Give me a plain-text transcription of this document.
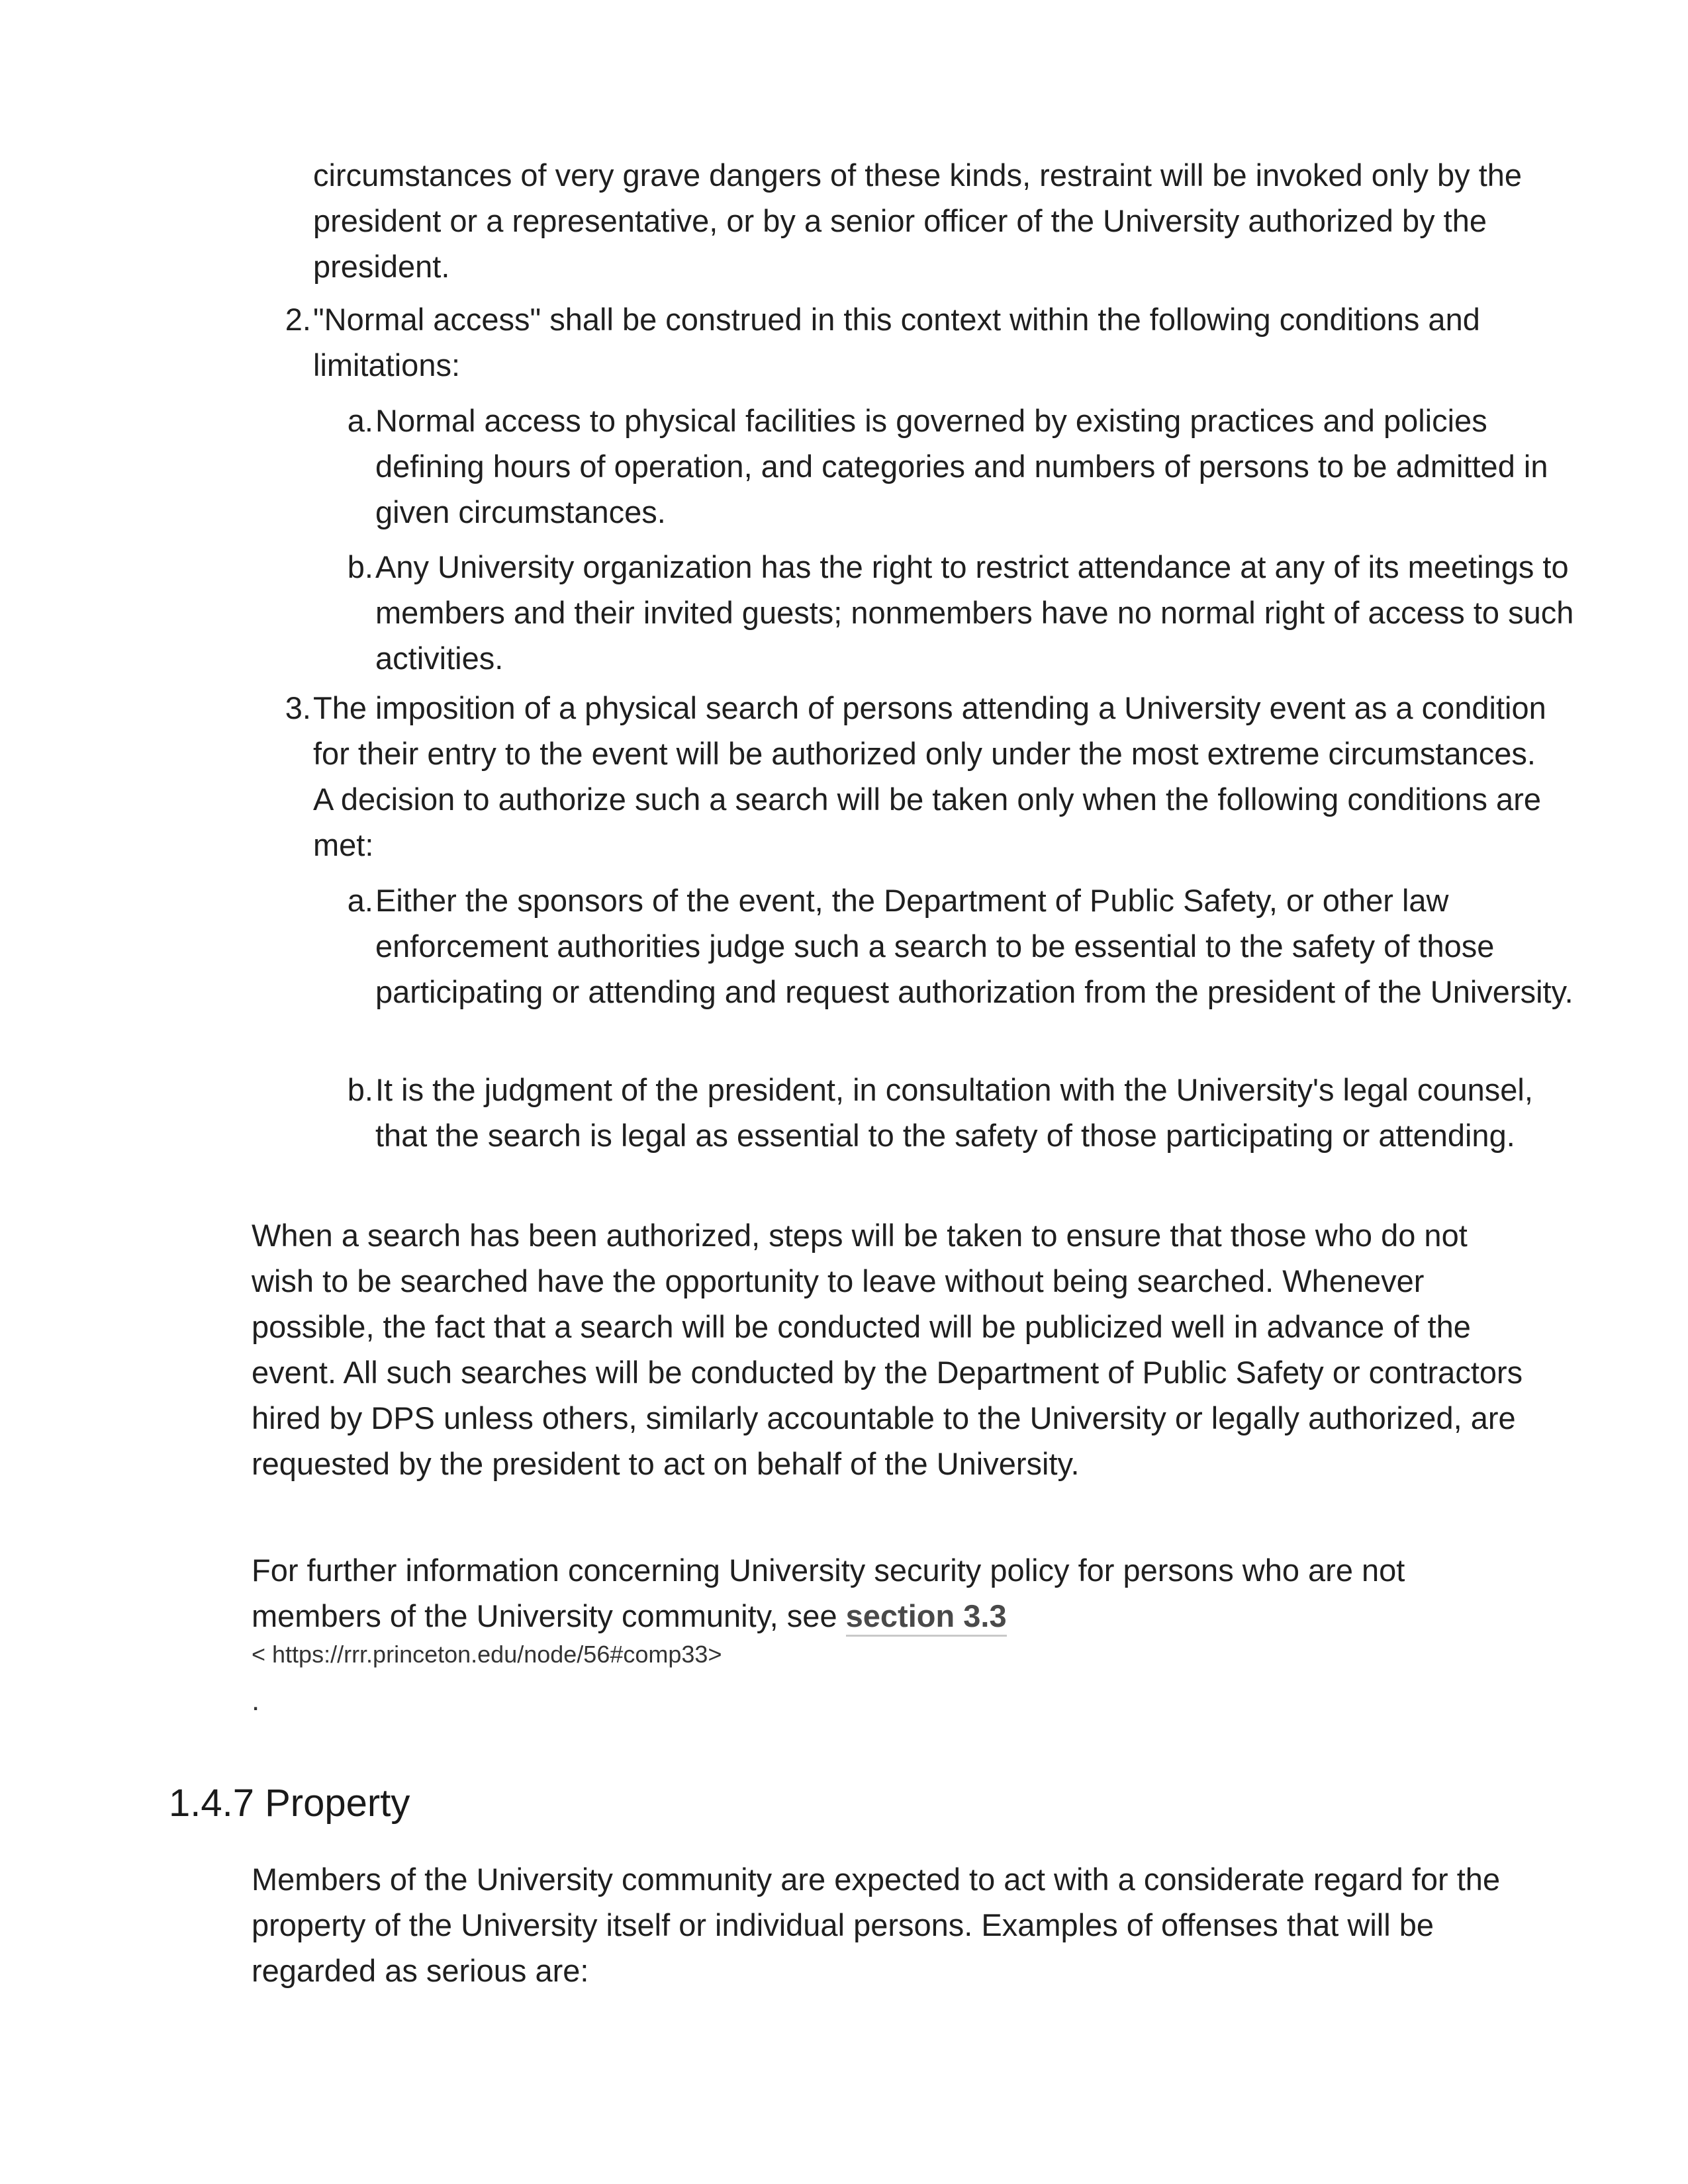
circumstances of very grave dangers of these kinds, restraint will be invoked only by the president or a representative, or by a senior officer of the University authorized by the president.

2. "Normal access" shall be construed in this context within the following conditions and limitations:

a. Normal access to physical facilities is governed by existing practices and policies defining hours of operation, and categories and numbers of persons to be admitted in given circumstances.

b. Any University organization has the right to restrict attendance at any of its meetings to members and their invited guests; nonmembers have no normal right of access to such activities.

3. The imposition of a physical search of persons attending a University event as a condition for their entry to the event will be authorized only under the most extreme circumstances. A decision to authorize such a search will be taken only when the following conditions are met:

a. Either the sponsors of the event, the Department of Public Safety, or other law enforcement authorities judge such a search to be essential to the safety of those participating or attending and request authorization from the president of the University.

b. It is the judgment of the president, in consultation with the University's legal counsel, that the search is legal as essential to the safety of those participating or attending.

When a search has been authorized, steps will be taken to ensure that those who do not wish to be searched have the opportunity to leave without being searched. Whenever possible, the fact that a search will be conducted will be publicized well in advance of the event. All such searches will be conducted by the Department of Public Safety or contractors hired by DPS unless others, similarly accountable to the University or legally authorized, are requested by the president to act on behalf of the University.

For further information concerning University security policy for persons who are not members of the University community, see section 3.3

< https://rrr.princeton.edu/node/56#comp33>
.
1.4.7 Property

Members of the University community are expected to act with a considerate regard for the property of the University itself or individual persons. Examples of offenses that will be regarded as serious are:
